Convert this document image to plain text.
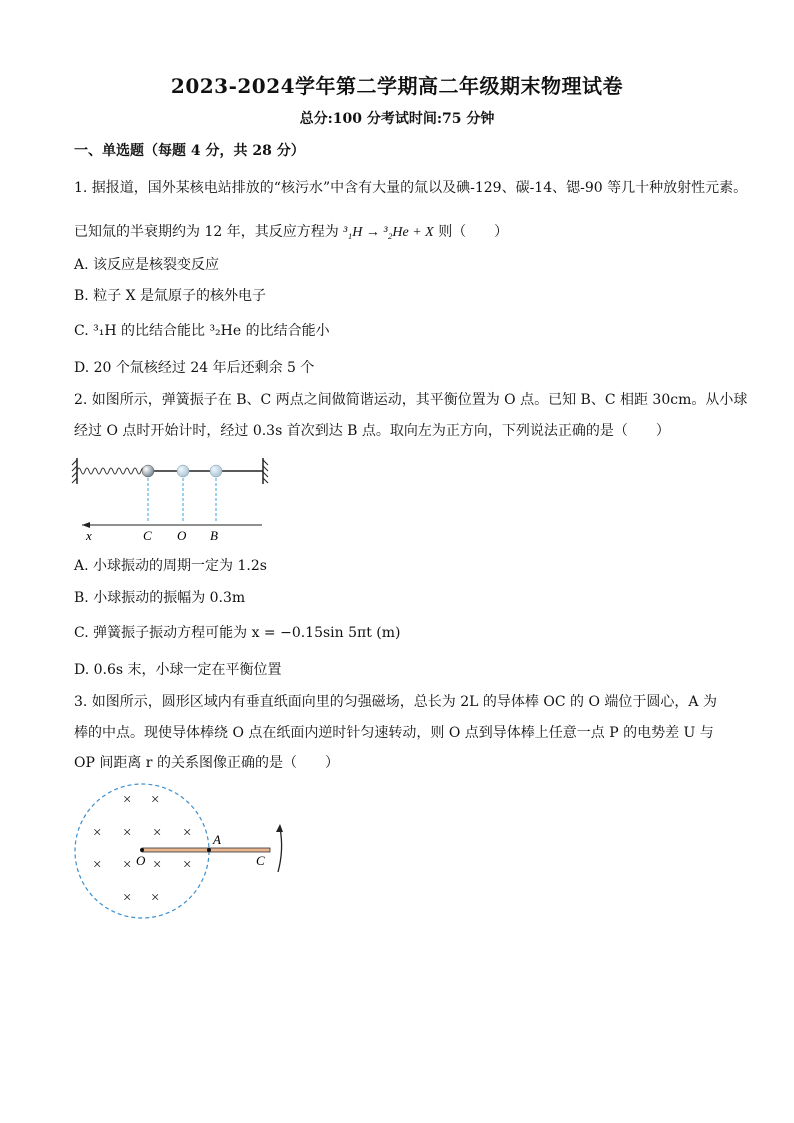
2023-2024学年第二学期高二年级期末物理试卷
总分:100 分考试时间:75 分钟
一、单选题（每题 4 分，共 28 分）
1. 据报道，国外某核电站排放的“核污水”中含有大量的氚以及碘-129、碳-14、锶-90 等几十种放射性元素。
已知氚的半衰期约为 12 年，其反应方程为 ³₁H → ³₂He + X 则（　　）
A. 该反应是核裂变反应
B. 粒子 X 是氚原子的核外电子
C. ³₁H 的比结合能比 ³₂He 的比结合能小
D. 20 个氚核经过 24 年后还剩余 5 个
2. 如图所示，弹簧振子在 B、C 两点之间做简谐运动，其平衡位置为 O 点。已知 B、C 相距 30cm。从小球
经过 O 点时开始计时，经过 0.3s 首次到达 B 点。取向左为正方向，下列说法正确的是（　　）
x	C O B
A. 小球振动的周期一定为 1.2s
B. 小球振动的振幅为 0.3m
C. 弹簧振子振动方程可能为 x = −0.15sin 5πt (m)
D. 0.6s 末，小球一定在平衡位置
3. 如图所示，圆形区域内有垂直纸面向里的匀强磁场，总长为 2L 的导体棒 OC 的 O 端位于圆心，A 为
棒的中点。现使导体棒绕 O 点在纸面内逆时针匀速转动，则 O 点到导体棒上任意一点 P 的电势差 U 与
OP 间距离 r 的关系图像正确的是（　　）
× ×
× × × ×
× × × ×
× ×
O
A
C
